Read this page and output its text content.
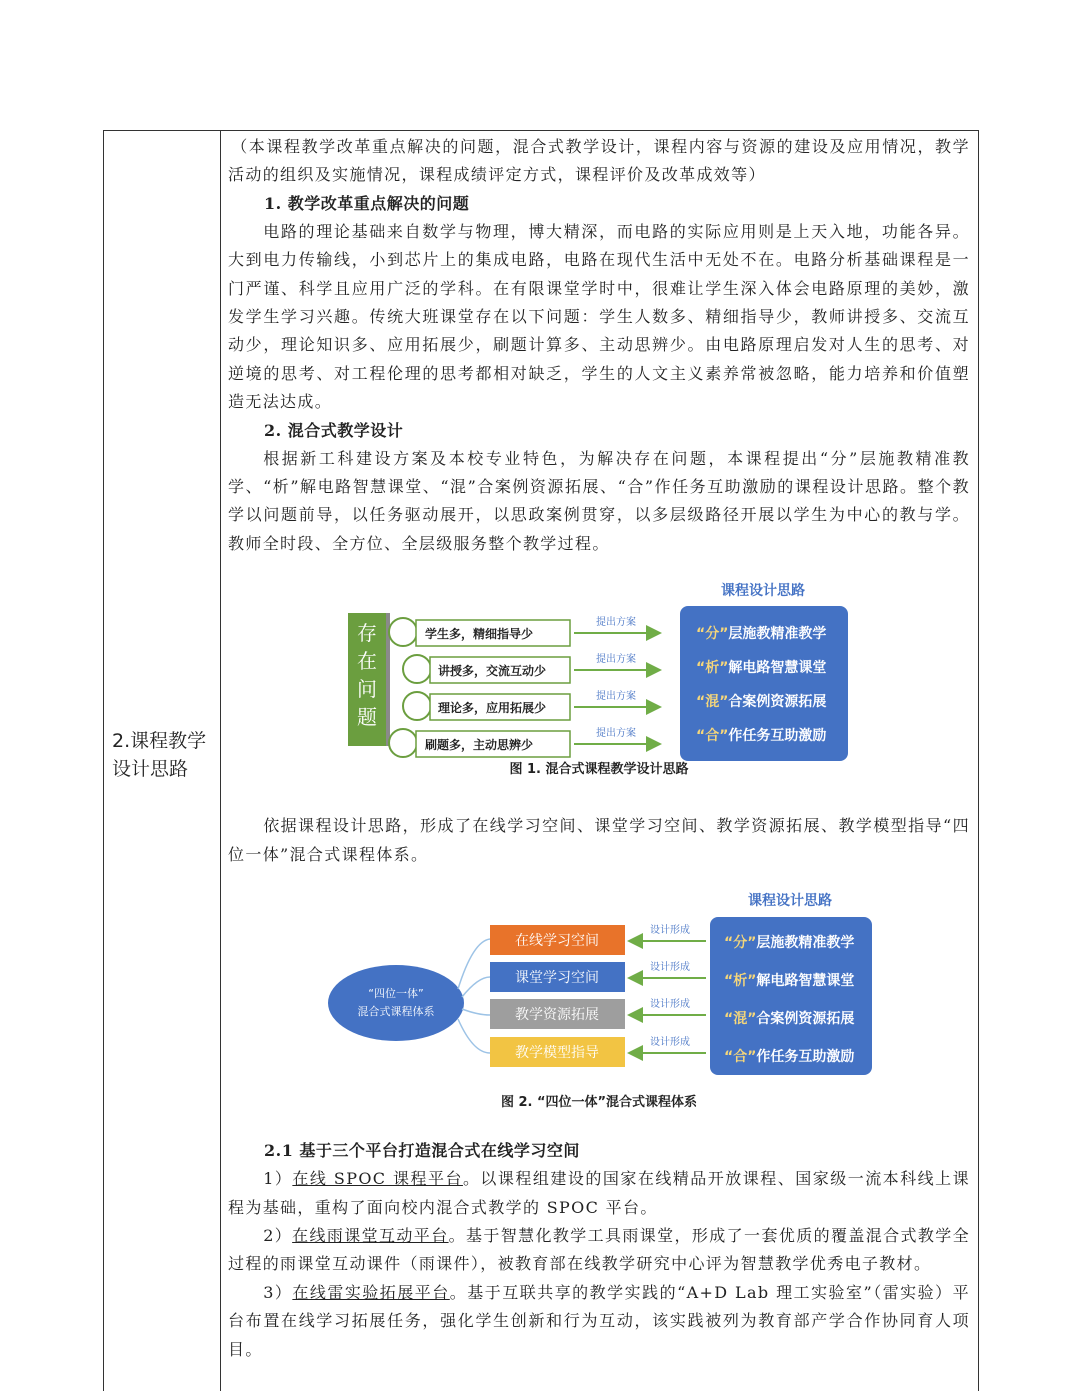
2.课程教学设计思路

（本课程教学改革重点解决的问题，混合式教学设计，课程内容与资源的建设及应用情况，教学活动的组织及实施情况，课程成绩评定方式，课程评价及改革成效等）

1. 教学改革重点解决的问题

电路的理论基础来自数学与物理，博大精深，而电路的实际应用则是上天入地，功能各异。大到电力传输线，小到芯片上的集成电路，电路在现代生活中无处不在。电路分析基础课程是一门严谨、科学且应用广泛的学科。在有限课堂学时中，很难让学生深入体会电路原理的美妙，激发学生学习兴趣。传统大班课堂存在以下问题：学生人数多、精细指导少，教师讲授多、交流互动少，理论知识多、应用拓展少，刷题计算多、主动思辨少。由电路原理启发对人生的思考、对逆境的思考、对工程伦理的思考都相对缺乏，学生的人文主义素养常被忽略，能力培养和价值塑造无法达成。

2. 混合式教学设计

根据新工科建设方案及本校专业特色，为解决存在问题，本课程提出“分”层施教精准教学、“析”解电路智慧课堂、“混”合案例资源拓展、“合”作任务互助激励的课程设计思路。整个教学以问题前导，以任务驱动展开，以思政案例贯穿，以多层级路径开展以学生为中心的教与学。教师全时段、全方位、全层级服务整个教学过程。

存
在
问
题
学生多，精细指导少
讲授多，交流互动少
理论多，应用拓展少
刷题多，主动思辨少
提出方案
提出方案
提出方案
提出方案
课程设计思路
“分”层施教精准教学
“析”解电路智慧课堂
“混”合案例资源拓展
“合”作任务互助激励
图 1. 混合式课程教学设计思路

依据课程设计思路，形成了在线学习空间、课堂学习空间、教学资源拓展、教学模型指导“四位一体”混合式课程体系。

“四位一体”
混合式课程体系
在线学习空间
课堂学习空间
教学资源拓展
教学模型指导
设计形成
设计形成
设计形成
设计形成
课程设计思路
“分”层施教精准教学
“析”解电路智慧课堂
“混”合案例资源拓展
“合”作任务互助激励
图 2. “四位一体”混合式课程体系

2.1 基于三个平台打造混合式在线学习空间

1）在线 SPOC 课程平台。以课程组建设的国家在线精品开放课程、国家级一流本科线上课程为基础，重构了面向校内混合式教学的 SPOC 平台。

2）在线雨课堂互动平台。基于智慧化教学工具雨课堂，形成了一套优质的覆盖混合式教学全过程的雨课堂互动课件（雨课件），被教育部在线教学研究中心评为智慧教学优秀电子教材。

3）在线雷实验拓展平台。基于互联共享的教学实践的“A+D Lab 理工实验室”（雷实验）平台布置在线学习拓展任务，强化学生创新和行为互动，该实践被列为教育部产学合作协同育人项目。
